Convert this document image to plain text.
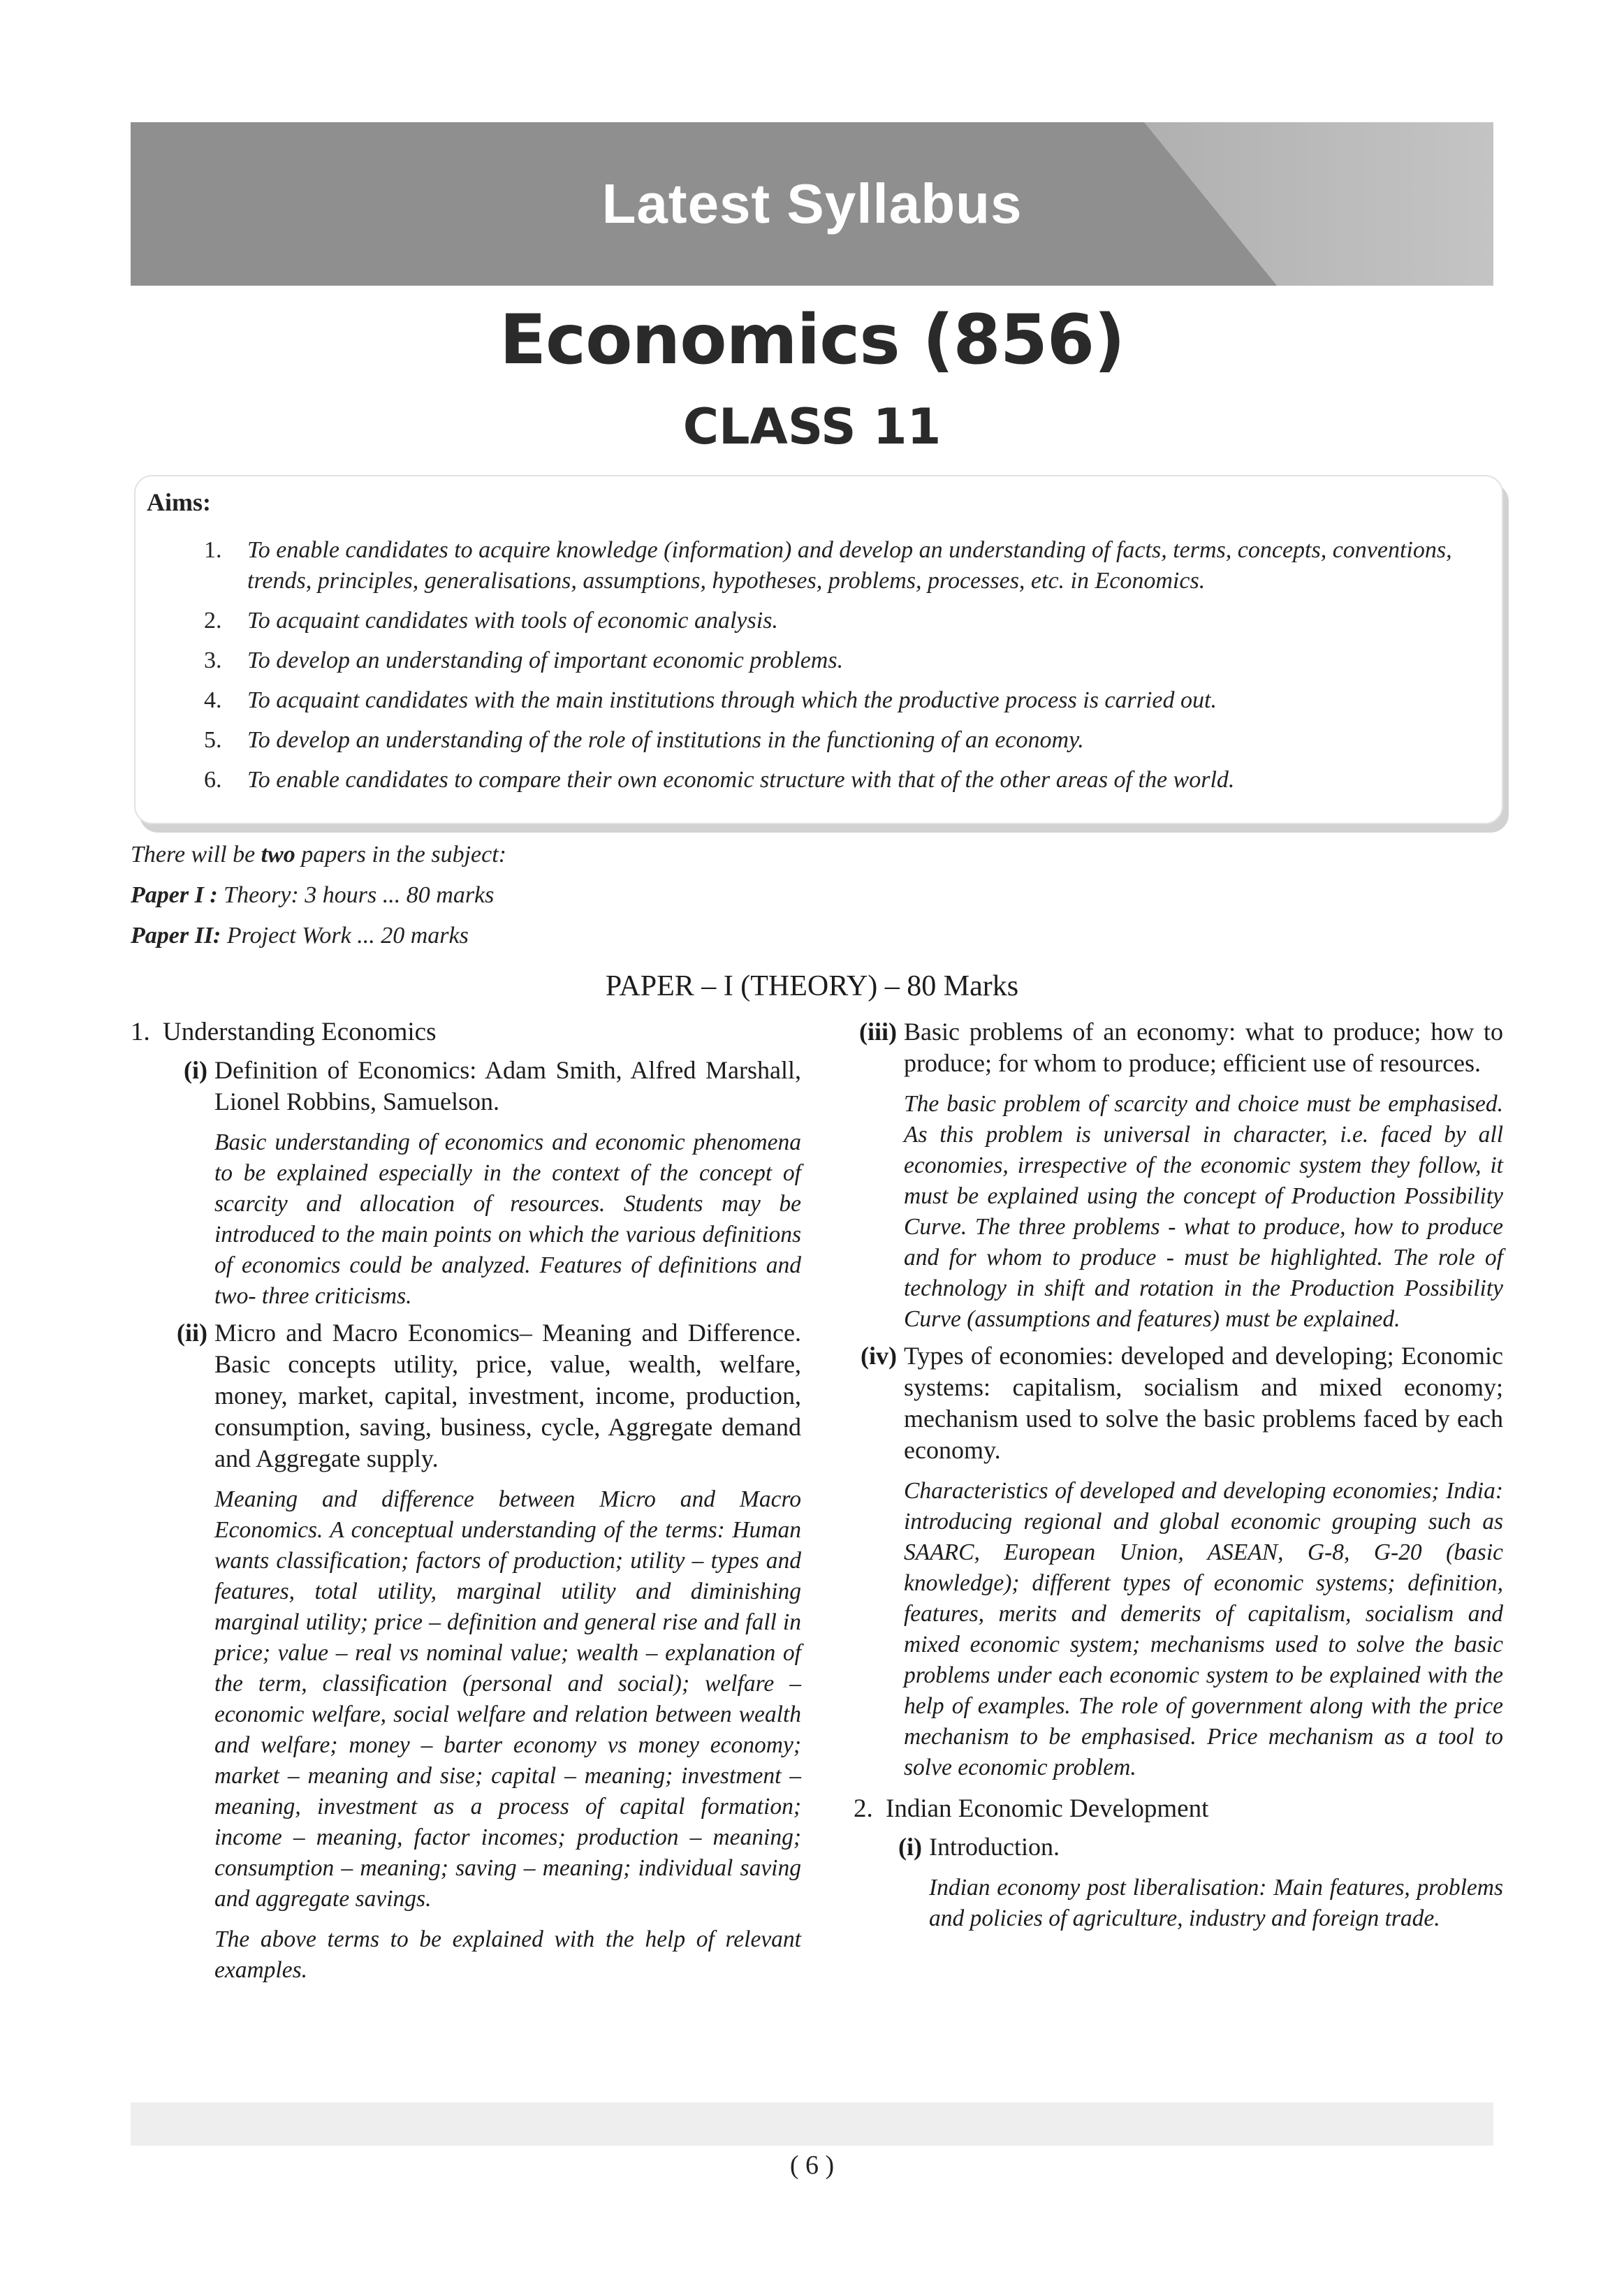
Latest Syllabus
Economics (856)
CLASS 11
Aims:
1.	To enable candidates to acquire knowledge (information) and develop an understanding of facts, terms, concepts, conventions, trends, principles, generalisations, assumptions, hypotheses, problems, processes, etc. in Economics.
2.	To acquaint candidates with tools of economic analysis.
3.	To develop an understanding of important economic problems.
4.	To acquaint candidates with the main institutions through which the productive process is carried out.
5.	To develop an understanding of the role of institutions in the functioning of an economy.
6.	To enable candidates to compare their own economic structure with that of the other areas of the world.
There will be two papers in the subject:
Paper I : Theory: 3 hours ... 80 marks
Paper II: Project Work ... 20 marks
PAPER – I (THEORY) – 80 Marks
1. Understanding Economics
(i) Definition of Economics: Adam Smith, Alfred Marshall, Lionel Robbins, Samuelson.
Basic understanding of economics and economic phenomena to be explained especially in the context of the concept of scarcity and allocation of resources. Students may be introduced to the main points on which the various definitions of economics could be analyzed. Features of definitions and two- three criticisms.
(ii) Micro and Macro Economics– Meaning and Difference. Basic concepts utility, price, value, wealth, welfare, money, market, capital, investment, income, production, consumption, saving, business, cycle, Aggregate demand and Aggregate supply.
Meaning and difference between Micro and Macro Economics. A conceptual understanding of the terms: Human wants classification; factors of production; utility – types and features, total utility, marginal utility and diminishing marginal utility; price – definition and general rise and fall in price; value – real vs nominal value; wealth – explanation of the term, classification (personal and social); welfare – economic welfare, social welfare and relation between wealth and welfare; money – barter economy vs money economy; market – meaning and sise; capital – meaning; investment – meaning, investment as a process of capital formation; income – meaning, factor incomes; production – meaning; consumption – meaning; saving – meaning; individual saving and aggregate savings.
The above terms to be explained with the help of relevant examples.
(iii) Basic problems of an economy: what to produce; how to produce; for whom to produce; efficient use of resources.
The basic problem of scarcity and choice must be emphasised. As this problem is universal in character, i.e. faced by all economies, irrespective of the economic system they follow, it must be explained using the concept of Production Possibility Curve. The three problems - what to produce, how to produce and for whom to produce - must be highlighted. The role of technology in shift and rotation in the Production Possibility Curve (assumptions and features) must be explained.
(iv) Types of economies: developed and developing; Economic systems: capitalism, socialism and mixed economy; mechanism used to solve the basic problems faced by each economy.
Characteristics of developed and developing economies; India: introducing regional and global economic grouping such as SAARC, European Union, ASEAN, G-8, G-20 (basic knowledge); different types of economic systems; definition, features, merits and demerits of capitalism, socialism and mixed economic system; mechanisms used to solve the basic problems under each economic system to be explained with the help of examples. The role of government along with the price mechanism to be emphasised. Price mechanism as a tool to solve economic problem.
2. Indian Economic Development
(i) Introduction.
Indian economy post liberalisation: Main features, problems and policies of agriculture, industry and foreign trade.
( 6 )
